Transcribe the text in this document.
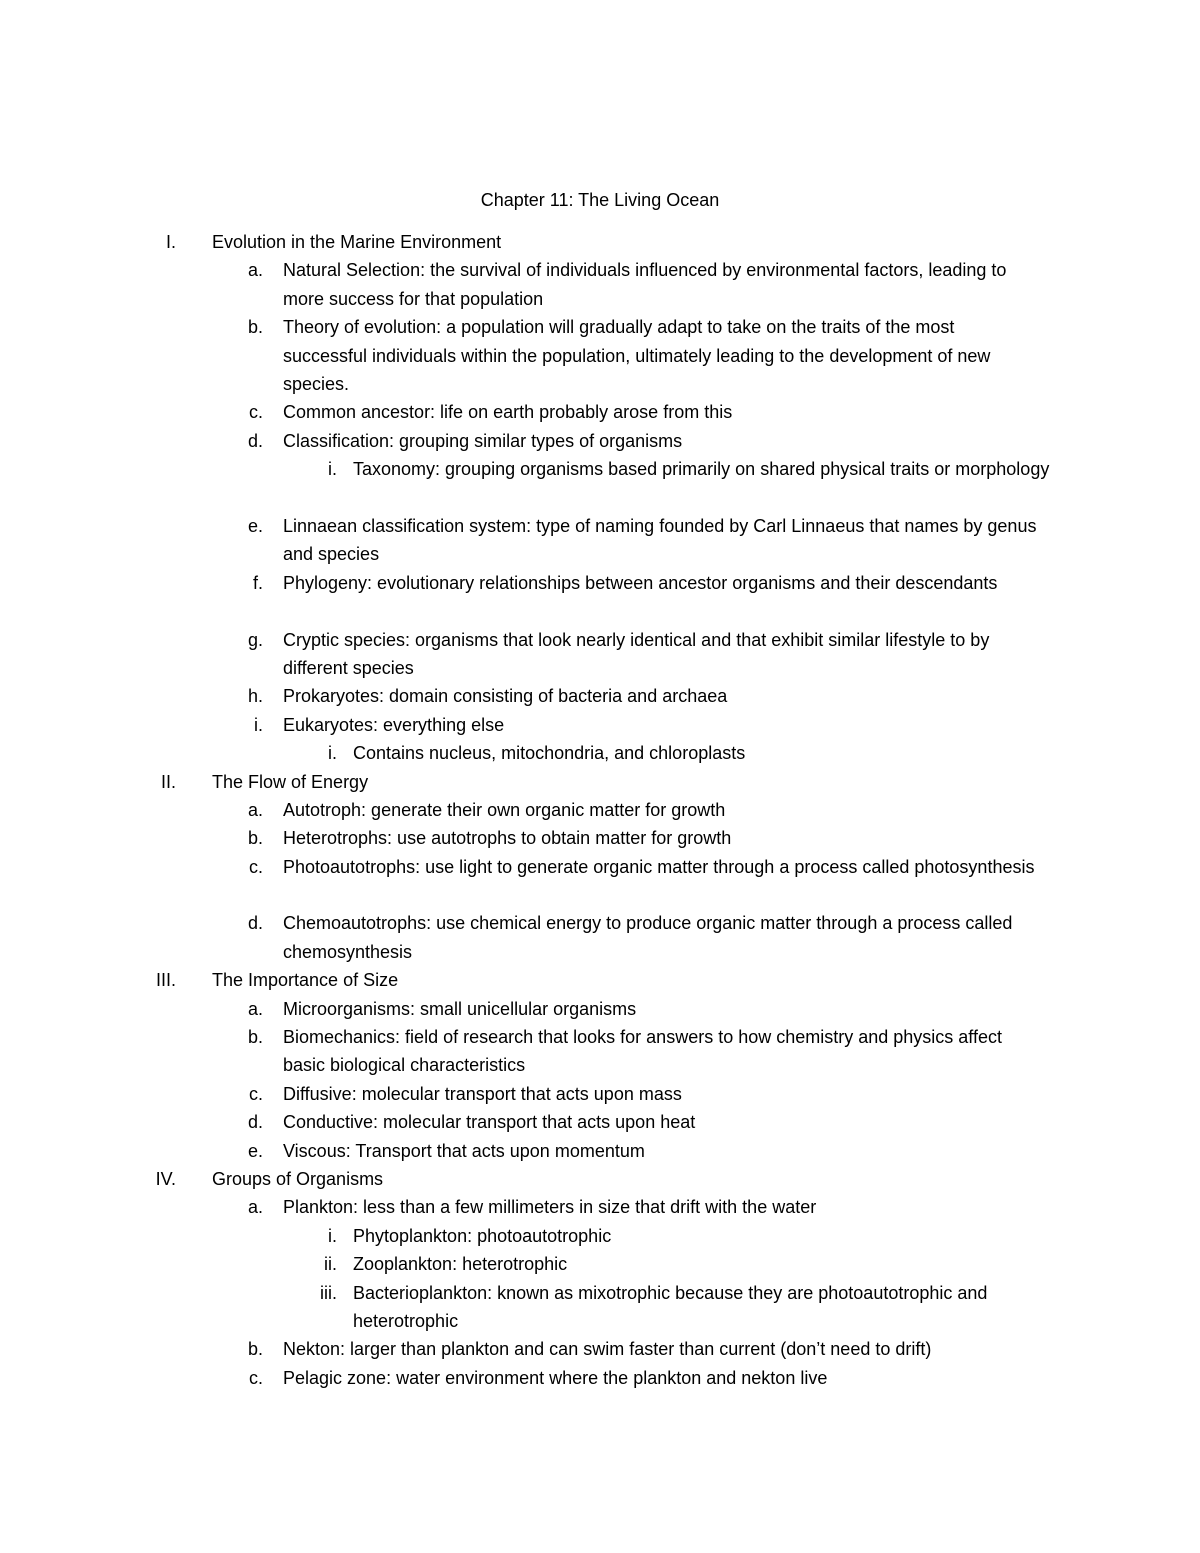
Chapter 11: The Living Ocean
I. Evolution in the Marine Environment
a. Natural Selection: the survival of individuals influenced by environmental factors, leading to more success for that population
b. Theory of evolution: a population will gradually adapt to take on the traits of the most successful individuals within the population, ultimately leading to the development of new species.
c. Common ancestor: life on earth probably arose from this
d. Classification: grouping similar types of organisms
i. Taxonomy: grouping organisms based primarily on shared physical traits or morphology
e. Linnaean classification system: type of naming founded by Carl Linnaeus that names by genus and species
f. Phylogeny: evolutionary relationships between ancestor organisms and their descendants
g. Cryptic species: organisms that look nearly identical and that exhibit similar lifestyle to by different species
h. Prokaryotes: domain consisting of bacteria and archaea
i. Eukaryotes: everything else
i. Contains nucleus, mitochondria, and chloroplasts
II. The Flow of Energy
a. Autotroph: generate their own organic matter for growth
b. Heterotrophs: use autotrophs to obtain matter for growth
c. Photoautotrophs: use light to generate organic matter through a process called photosynthesis
d. Chemoautotrophs: use chemical energy to produce organic matter through a process called chemosynthesis
III. The Importance of Size
a. Microorganisms: small unicellular organisms
b. Biomechanics: field of research that looks for answers to how chemistry and physics affect basic biological characteristics
c. Diffusive: molecular transport that acts upon mass
d. Conductive: molecular transport that acts upon heat
e. Viscous: Transport that acts upon momentum
IV. Groups of Organisms
a. Plankton: less than a few millimeters in size that drift with the water
i. Phytoplankton: photoautotrophic
ii. Zooplankton: heterotrophic
iii. Bacterioplankton: known as mixotrophic because they are photoautotrophic and heterotrophic
b. Nekton: larger than plankton and can swim faster than current (don’t need to drift)
c. Pelagic zone: water environment where the plankton and nekton live
